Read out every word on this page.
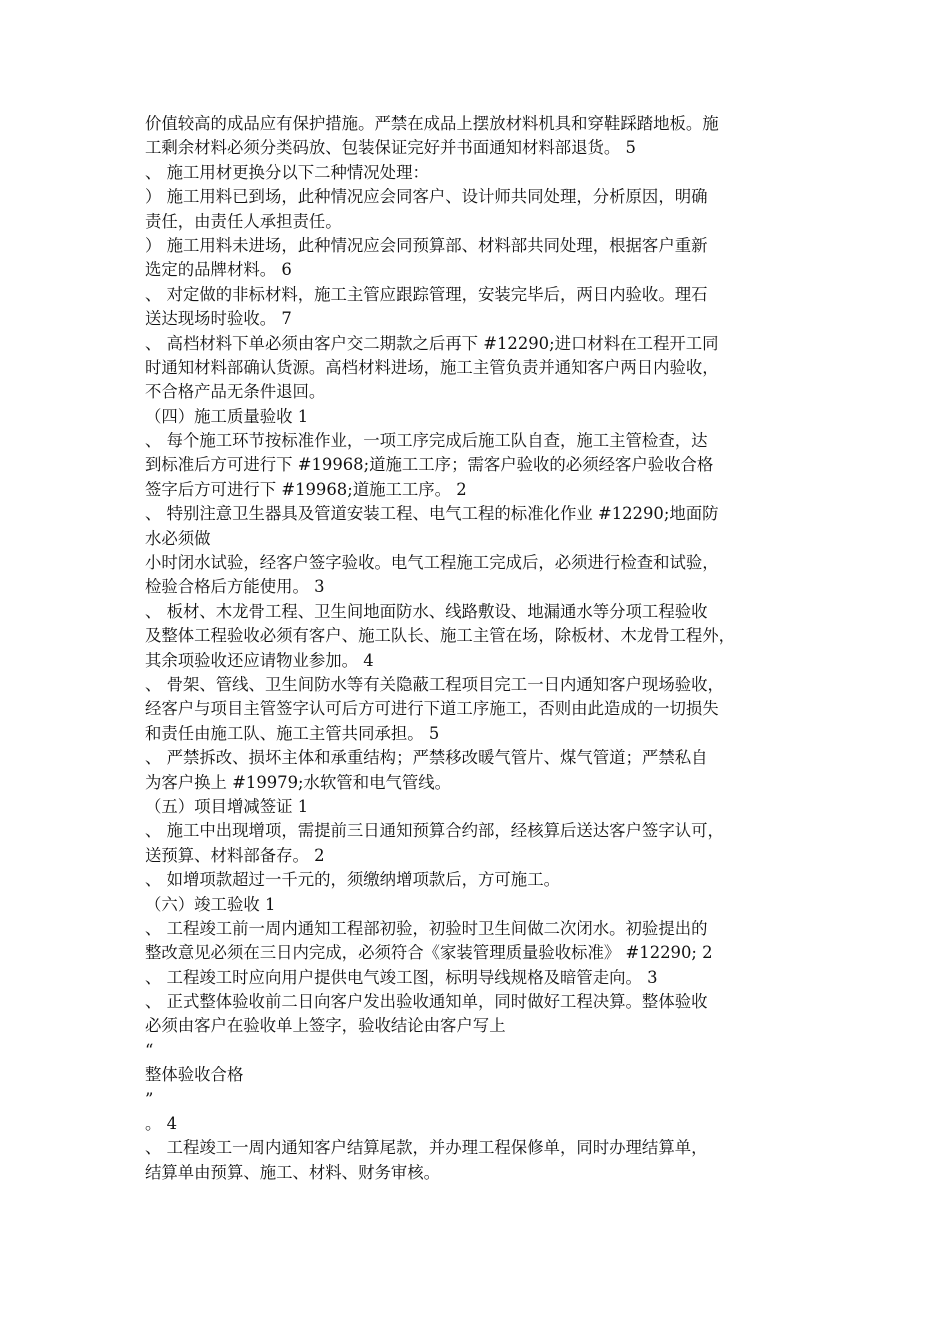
价值较高的成品应有保护措施。严禁在成品上摆放材料机具和穿鞋踩踏地板。施
工剩余材料必须分类码放、包装保证完好并书面通知材料部退货。 5
、 施工用材更换分以下二种情况处理：
） 施工用料已到场，此种情况应会同客户、设计师共同处理，分析原因，明确
责任，由责任人承担责任。
） 施工用料未进场，此种情况应会同预算部、材料部共同处理，根据客户重新
选定的品牌材料。 6
、 对定做的非标材料，施工主管应跟踪管理，安装完毕后，两日内验收。理石
送达现场时验收。 7
、 高档材料下单必须由客户交二期款之后再下 #12290;进口材料在工程开工同
时通知材料部确认货源。高档材料进场，施工主管负责并通知客户两日内验收，
不合格产品无条件退回。
（四）施工质量验收 1
、 每个施工环节按标准作业，一项工序完成后施工队自查，施工主管检查，达
到标准后方可进行下 #19968;道施工工序；需客户验收的必须经客户验收合格
签字后方可进行下 #19968;道施工工序。 2
、 特别注意卫生器具及管道安装工程、电气工程的标准化作业 #12290;地面防
水必须做
小时闭水试验，经客户签字验收。电气工程施工完成后，必须进行检查和试验，
检验合格后方能使用。 3
、 板材、木龙骨工程、卫生间地面防水、线路敷设、地漏通水等分项工程验收
及整体工程验收必须有客户、施工队长、施工主管在场，除板材、木龙骨工程外，
其余项验收还应请物业参加。 4
、 骨架、管线、卫生间防水等有关隐蔽工程项目完工一日内通知客户现场验收，
经客户与项目主管签字认可后方可进行下道工序施工，否则由此造成的一切损失
和责任由施工队、施工主管共同承担。 5
、 严禁拆改、损坏主体和承重结构；严禁移改暖气管片、煤气管道；严禁私自
为客户换上 #19979;水软管和电气管线。
（五）项目增减签证 1
、 施工中出现增项，需提前三日通知预算合约部，经核算后送达客户签字认可，
送预算、材料部备存。 2
、 如增项款超过一千元的，须缴纳增项款后，方可施工。
（六）竣工验收 1
、 工程竣工前一周内通知工程部初验，初验时卫生间做二次闭水。初验提出的
整改意见必须在三日内完成，必须符合《家装管理质量验收标准》 #12290; 2
、 工程竣工时应向用户提供电气竣工图，标明导线规格及暗管走向。 3
、 正式整体验收前二日向客户发出验收通知单，同时做好工程决算。整体验收
必须由客户在验收单上签字，验收结论由客户写上
“
整体验收合格
”
。 4
、 工程竣工一周内通知客户结算尾款，并办理工程保修单，同时办理结算单，
结算单由预算、施工、材料、财务审核。
